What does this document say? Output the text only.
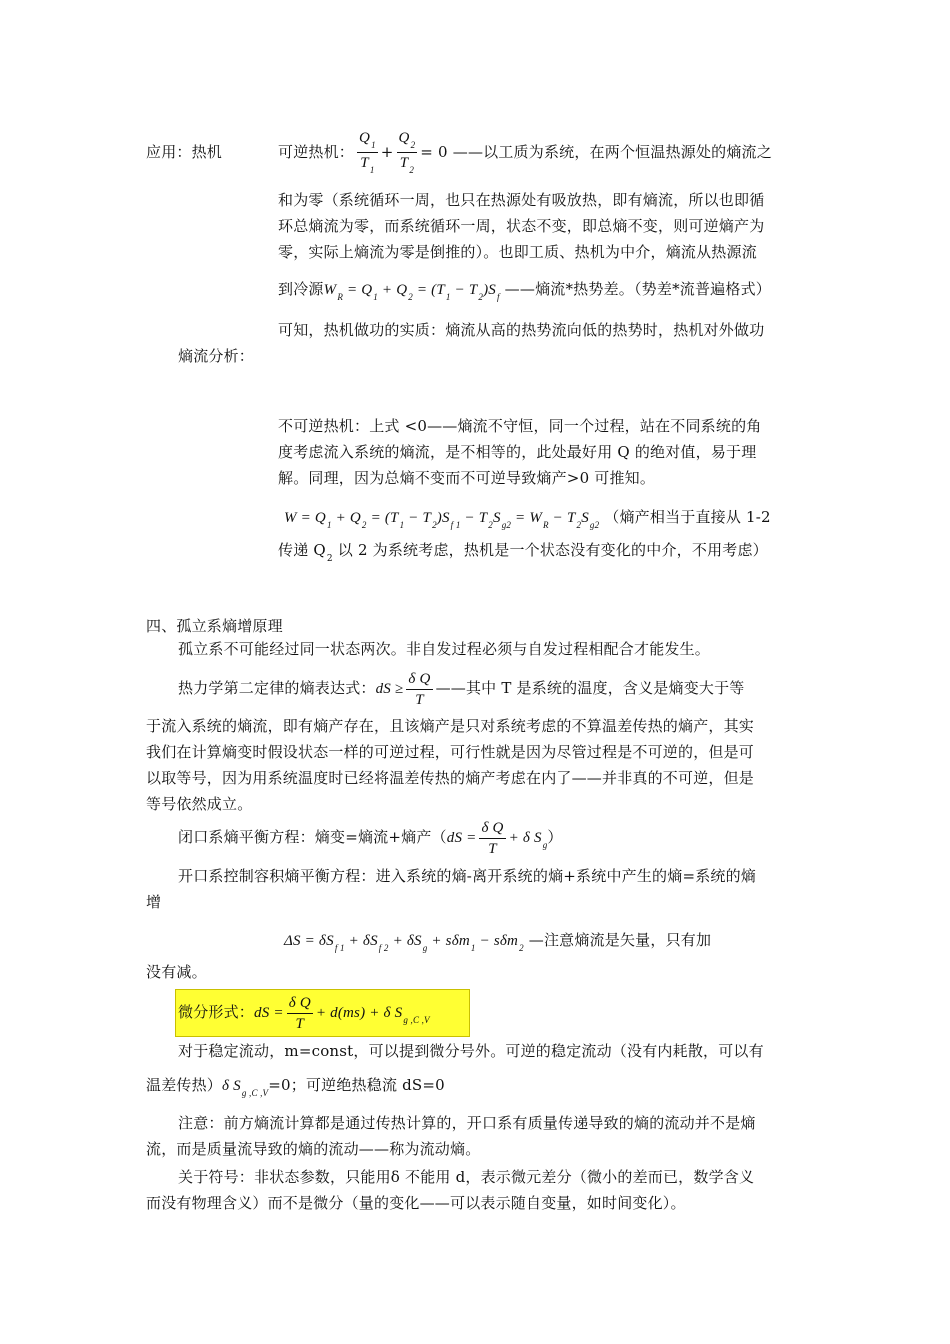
应用：热机	可逆热机： $\frac{Q_1}{T_1} + \frac{Q_2}{T_2} = 0$ ——以工质为系统，在两个恒温热源处的熵流之
和为零（系统循环一周，也只在热源处有吸放热，即有熵流，所以也即循
环总熵流为零，而系统循环一周，状态不变，即总熵不变，则可逆熵产为
零，实际上熵流为零是倒推的）。也即工质、热机为中介，熵流从热源流
到冷源$W_R = Q_1 + Q_2 = (T_1 - T_2)S_f$ ——熵流*热势差。（势差*流普遍格式）
可知，热机做功的实质：熵流从高的热势流向低的热势时，热机对外做功
熵流分析：
不可逆热机：上式 <0——熵流不守恒，同一个过程，站在不同系统的角
度考虑流入系统的熵流，是不相等的，此处最好用 Q 的绝对值，易于理
解。同理，因为总熵不变而不可逆导致熵产>0 可推知。
$W = Q_1 + Q_2 = (T_1 - T_2)S_{f 1} - T_2S_{g2} = W_R - T_2S_{g2}$ （熵产相当于直接从 1-2
传递 $Q_2$ 以 2 为系统考虑，热机是一个状态没有变化的中介，不用考虑）
四、孤立系熵增原理
孤立系不可能经过同一状态两次。非自发过程必须与自发过程相配合才能发生。
热力学第二定律的熵表达式：dS ≥ $\frac{\text{δ Q}}{T}$ ——其中 T 是系统的温度，含义是熵变大于等
于流入系统的熵流，即有熵产存在，且该熵产是只对系统考虑的不算温差传热的熵产，其实
我们在计算熵变时假设状态一样的可逆过程，可行性就是因为尽管过程是不可逆的，但是可
以取等号，因为用系统温度时已经将温差传热的熵产考虑在内了——并非真的不可逆，但是
等号依然成立。
闭口系熵平衡方程：熵变=熵流+熵产（$dS = \frac{\text{δ Q}}{T} + \delta$ $S_g$）
开口系控制容积熵平衡方程：进入系统的熵-离开系统的熵+系统中产生的熵=系统的熵
增
$\Delta S = \delta S_{f 1} + \delta S_{f 2} + \delta S_g + s\delta m_1 - s\delta m_2$ —注意熵流是矢量，只有加
没有减。
微分形式：dS = $\frac{\text{δ Q}}{T} + d(ms) + \delta$ $S_{g ,C ,V}$
对于稳定流动，m=const，可以提到微分号外。可逆的稳定流动（没有内耗散，可以有
温差传热）δ $S_{g ,C ,V}=0$；可逆绝热稳流 dS=0
注意：前方熵流计算都是通过传热计算的，开口系有质量传递导致的熵的流动并不是熵
流，而是质量流导致的熵的流动——称为流动熵。
关于符号：非状态参数，只能用δ 不能用 d，表示微元差分（微小的差而已，数学含义
而没有物理含义）而不是微分（量的变化——可以表示随自变量，如时间变化）。
